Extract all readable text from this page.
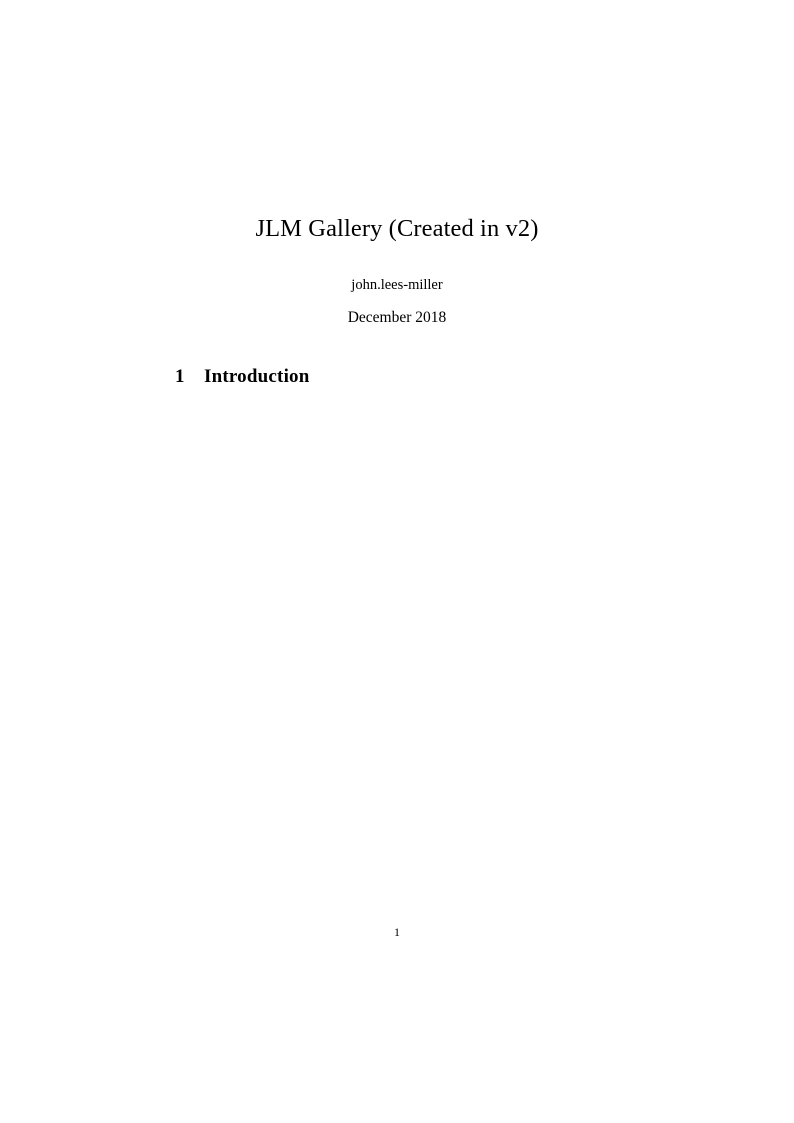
JLM Gallery (Created in v2)

john.lees-miller

December 2018

1 Introduction
1
